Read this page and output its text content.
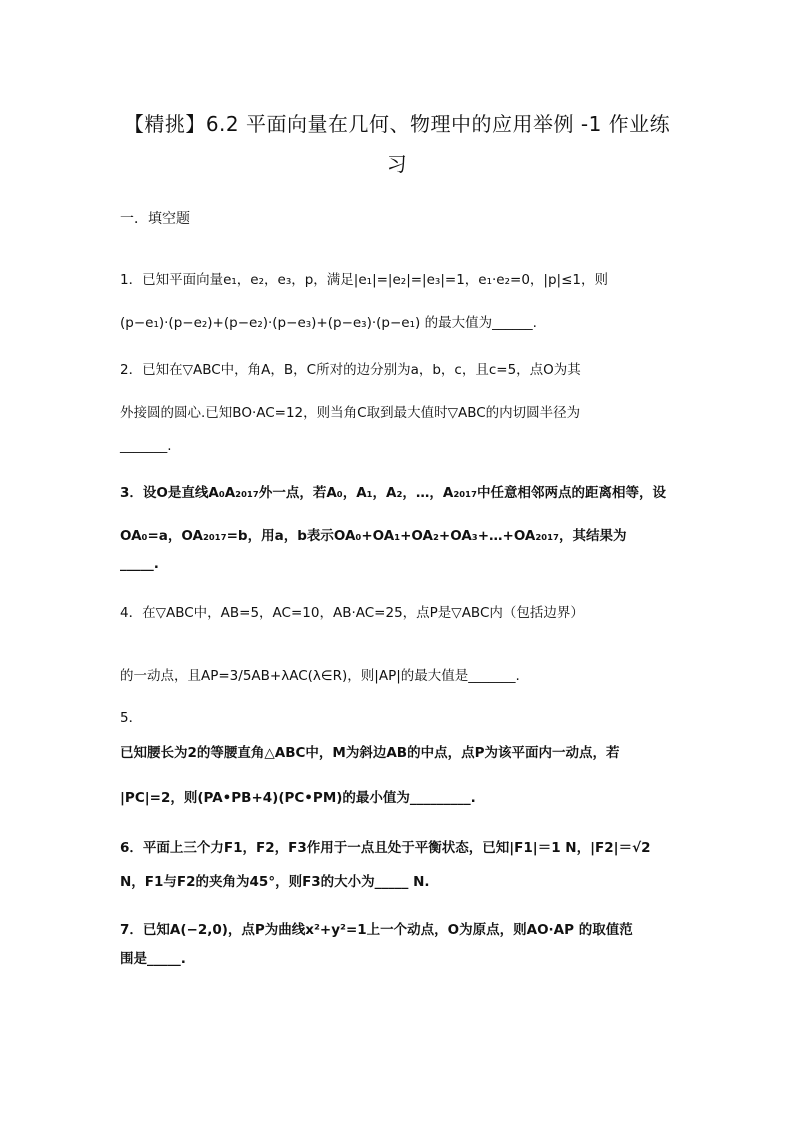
【精挑】6.2 平面向量在几何、物理中的应用举例 -1 作业练
习
一．填空题
1．已知平面向量e₁，e₂，e₃，p，满足|e₁|=|e₂|=|e₃|=1，e₁·e₂=0，|p|≤1，则
(p−e₁)·(p−e₂)+(p−e₂)·(p−e₃)+(p−e₃)·(p−e₁) 的最大值为______.
2．已知在▽ABC中，角A，B，C所对的边分别为a，b，c，且c=5，点O为其
外接圆的圆心.已知BO·AC=12，则当角C取到最大值时▽ABC的内切圆半径为
_______.
3．设O是直线A₀A₂₀₁₇外一点，若A₀，A₁，A₂，…，A₂₀₁₇中任意相邻两点的距离相等，设
OA₀=a，OA₂₀₁₇=b，用a，b表示OA₀+OA₁+OA₂+OA₃+…+OA₂₀₁₇，其结果为
_____.
4．在▽ABC中，AB=5，AC=10，AB·AC=25，点P是▽ABC内（包括边界）
的一动点，且AP=3/5AB+λAC(λ∈R)，则|AP|的最大值是_______.
5．
已知腰长为2的等腰直角△ABC中，M为斜边AB的中点，点P为该平面内一动点，若
|PC|=2，则(PA•PB+4)(PC•PM)的最小值为_________.
6．平面上三个力F1，F2，F3作用于一点且处于平衡状态，已知|F1|＝1 N，|F2|＝√2
N，F1与F2的夹角为45°，则F3的大小为_____ N.
7．已知A(−2,0)，点P为曲线x²+y²=1上一个动点，O为原点，则AO·AP 的取值范
围是_____.
